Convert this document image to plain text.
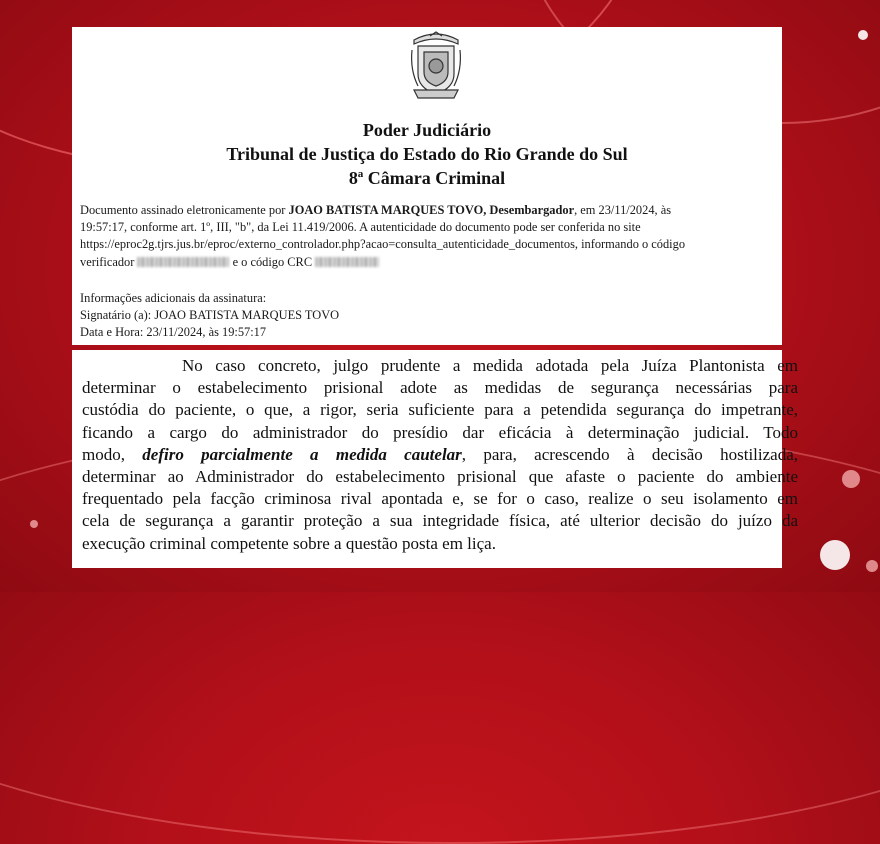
Poder Judiciário
Tribunal de Justiça do Estado do Rio Grande do Sul
8ª Câmara Criminal

Documento assinado eletronicamente por JOAO BATISTA MARQUES TOVO, Desembargador, em 23/11/2024, às

19:57:17, conforme art. 1º, III, "b", da Lei 11.419/2006. A autenticidade do documento pode ser conferida no site

https://eproc2g.tjrs.jus.br/eproc/externo_controlador.php?acao=consulta_autenticidade_documentos, informando o código

verificador	e o código CRC

Informações adicionais da assinatura:
Signatário (a): JOAO BATISTA MARQUES TOVO
Data e Hora: 23/11/2024, às 19:57:17
No caso concreto, julgo prudente a medida adotada pela Juíza Plantonista em
determinar o estabelecimento prisional adote as medidas de segurança necessárias para
custódia do paciente, o que, a rigor, seria suficiente para a petendida segurança do impetrante,
ficando a cargo do administrador do presídio dar eficácia à determinação judicial. Todo
modo, defiro parcialmente a medida cautelar, para, acrescendo à decisão hostilizada,
determinar ao Administrador do estabelecimento prisional que afaste o paciente do ambiente
frequentado pela facção criminosa rival apontada e, se for o caso, realize o seu isolamento em
cela de segurança a garantir proteção a sua integridade física, até ulterior decisão do juízo da
execução criminal competente sobre a questão posta em liça.
